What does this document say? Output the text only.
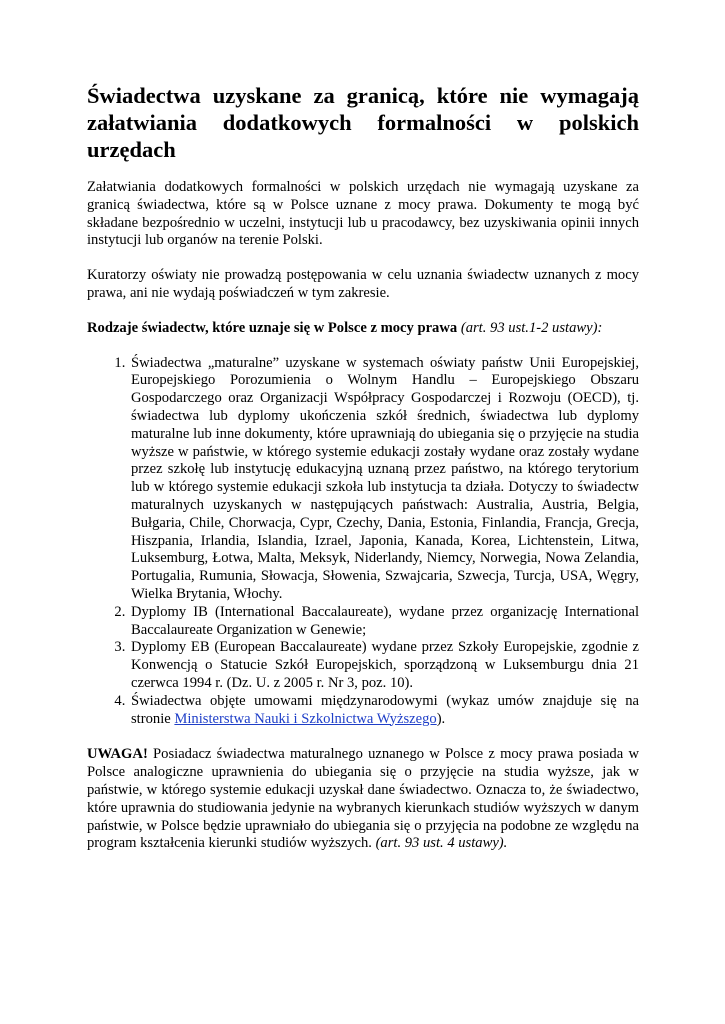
Świadectwa uzyskane za granicą, które nie wymagają załatwiania dodatkowych formalności w polskich urzędach

Załatwiania dodatkowych formalności w polskich urzędach nie wymagają uzyskane za granicą świadectwa, które są w Polsce uznane z mocy prawa. Dokumenty te mogą być składane bezpośrednio w uczelni, instytucji lub u pracodawcy, bez uzyskiwania opinii innych instytucji lub organów na terenie Polski.

Kuratorzy oświaty nie prowadzą postępowania w celu uznania świadectw uznanych z mocy prawa, ani nie wydają poświadczeń w tym zakresie.

Rodzaje świadectw, które uznaje się w Polsce z mocy prawa (art. 93 ust.1-2 ustawy):

1. Świadectwa „maturalne” uzyskane w systemach oświaty państw Unii Europejskiej, Europejskiego Porozumienia o Wolnym Handlu – Europejskiego Obszaru Gospodarczego oraz Organizacji Współpracy Gospodarczej i Rozwoju (OECD), tj. świadectwa lub dyplomy ukończenia szkół średnich, świadectwa lub dyplomy maturalne lub inne dokumenty, które uprawniają do ubiegania się o przyjęcie na studia wyższe w państwie, w którego systemie edukacji zostały wydane oraz zostały wydane przez szkołę lub instytucję edukacyjną uznaną przez państwo, na którego terytorium lub w którego systemie edukacji szkoła lub instytucja ta działa. Dotyczy to świadectw maturalnych uzyskanych w następujących państwach: Australia, Austria, Belgia, Bułgaria, Chile, Chorwacja, Cypr, Czechy, Dania, Estonia, Finlandia, Francja, Grecja, Hiszpania, Irlandia, Islandia, Izrael, Japonia, Kanada, Korea, Lichtenstein, Litwa, Luksemburg, Łotwa, Malta, Meksyk, Niderlandy, Niemcy, Norwegia, Nowa Zelandia, Portugalia, Rumunia, Słowacja, Słowenia, Szwajcaria, Szwecja, Turcja, USA, Węgry, Wielka Brytania, Włochy.
2. Dyplomy IB (International Baccalaureate), wydane przez organizację International Baccalaureate Organization w Genewie;
3. Dyplomy EB (European Baccalaureate) wydane przez Szkoły Europejskie, zgodnie z Konwencją o Statucie Szkół Europejskich, sporządzoną w Luksemburgu dnia 21 czerwca 1994 r. (Dz. U. z 2005 r. Nr 3, poz. 10).
4. Świadectwa objęte umowami międzynarodowymi (wykaz umów znajduje się na stronie Ministerstwa Nauki i Szkolnictwa Wyższego).

UWAGA! Posiadacz świadectwa maturalnego uznanego w Polsce z mocy prawa posiada w Polsce analogiczne uprawnienia do ubiegania się o przyjęcie na studia wyższe, jak w państwie, w którego systemie edukacji uzyskał dane świadectwo. Oznacza to, że świadectwo, które uprawnia do studiowania jedynie na wybranych kierunkach studiów wyższych w danym państwie, w Polsce będzie uprawniało do ubiegania się o przyjęcia na podobne ze względu na program kształcenia kierunki studiów wyższych. (art. 93 ust. 4 ustawy).
